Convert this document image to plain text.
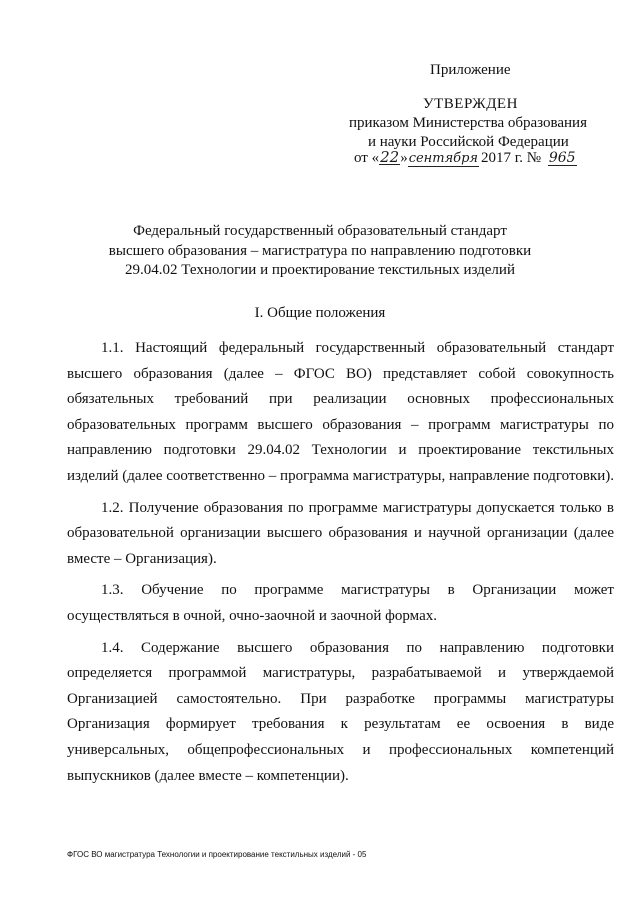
Приложение
УТВЕРЖДЕН
приказом Министерства образования
и науки Российской Федерации
от «22»сентября 2017 г. № 965
Федеральный государственный образовательный стандарт
высшего образования – магистратура по направлению подготовки
29.04.02 Технологии и проектирование текстильных изделий
I. Общие положения

1.1. Настоящий федеральный государственный образовательный стандарт высшего образования (далее – ФГОС ВО) представляет собой совокупность обязательных требований при реализации основных профессиональных образовательных программ высшего образования – программ магистратуры по направлению подготовки 29.04.02 Технологии и проектирование текстильных изделий (далее соответственно – программа магистратуры, направление подготовки).

1.2. Получение образования по программе магистратуры допускается только в образовательной организации высшего образования и научной организации (далее вместе – Организация).

1.3. Обучение по программе магистратуры в Организации может осуществляться в очной, очно-заочной и заочной формах.

1.4. Содержание высшего образования по направлению подготовки определяется программой магистратуры, разрабатываемой и утверждаемой Организацией самостоятельно. При разработке программы магистратуры Организация формирует требования к результатам ее освоения в виде универсальных, общепрофессиональных и профессиональных компетенций выпускников (далее вместе – компетенции).

ФГОС ВО магистратура Технологии и проектирование текстильных изделий - 05
